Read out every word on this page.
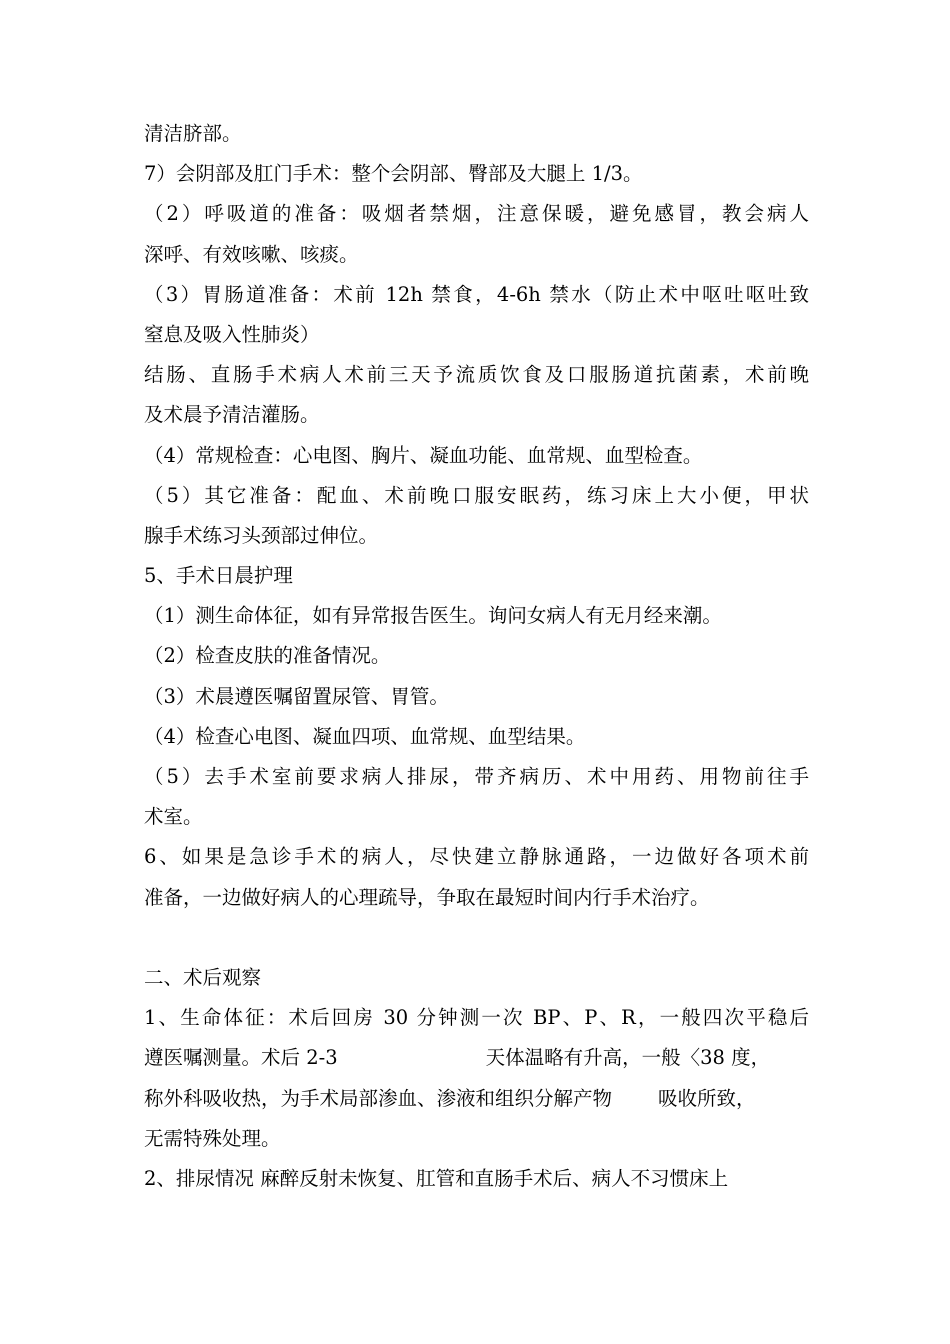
清洁脐部。
7）会阴部及肛门手术：整个会阴部、臀部及大腿上 1/3。
（2）呼吸道的准备：吸烟者禁烟，注意保暖，避免感冒，教会病人
深呼、有效咳嗽、咳痰。
（3）胃肠道准备：术前 12h 禁食，4-6h 禁水（防止术中呕吐呕吐致
窒息及吸入性肺炎）
结肠、直肠手术病人术前三天予流质饮食及口服肠道抗菌素，术前晚
及术晨予清洁灌肠。
（4）常规检查：心电图、胸片、凝血功能、血常规、血型检查。
（5）其它准备：配血、术前晚口服安眠药，练习床上大小便，甲状
腺手术练习头颈部过伸位。
5、手术日晨护理
（1）测生命体征，如有异常报告医生。询问女病人有无月经来潮。
（2）检查皮肤的准备情况。
（3）术晨遵医嘱留置尿管、胃管。
（4）检查心电图、凝血四项、血常规、血型结果。
（5）去手术室前要求病人排尿，带齐病历、术中用药、用物前往手
术室。
6、如果是急诊手术的病人，尽快建立静脉通路，一边做好各项术前
准备，一边做好病人的心理疏导，争取在最短时间内行手术治疗。
二、术后观察
1、生命体征：术后回房 30 分钟测一次 BP、P、R，一般四次平稳后
遵医嘱测量。术后 2-3	天体温略有升高，一般〈38 度，
称外科吸收热，为手术局部渗血、渗液和组织分解产物 吸收所致，
无需特殊处理。
2、排尿情况 麻醉反射未恢复、肛管和直肠手术后、病人不习惯床上
